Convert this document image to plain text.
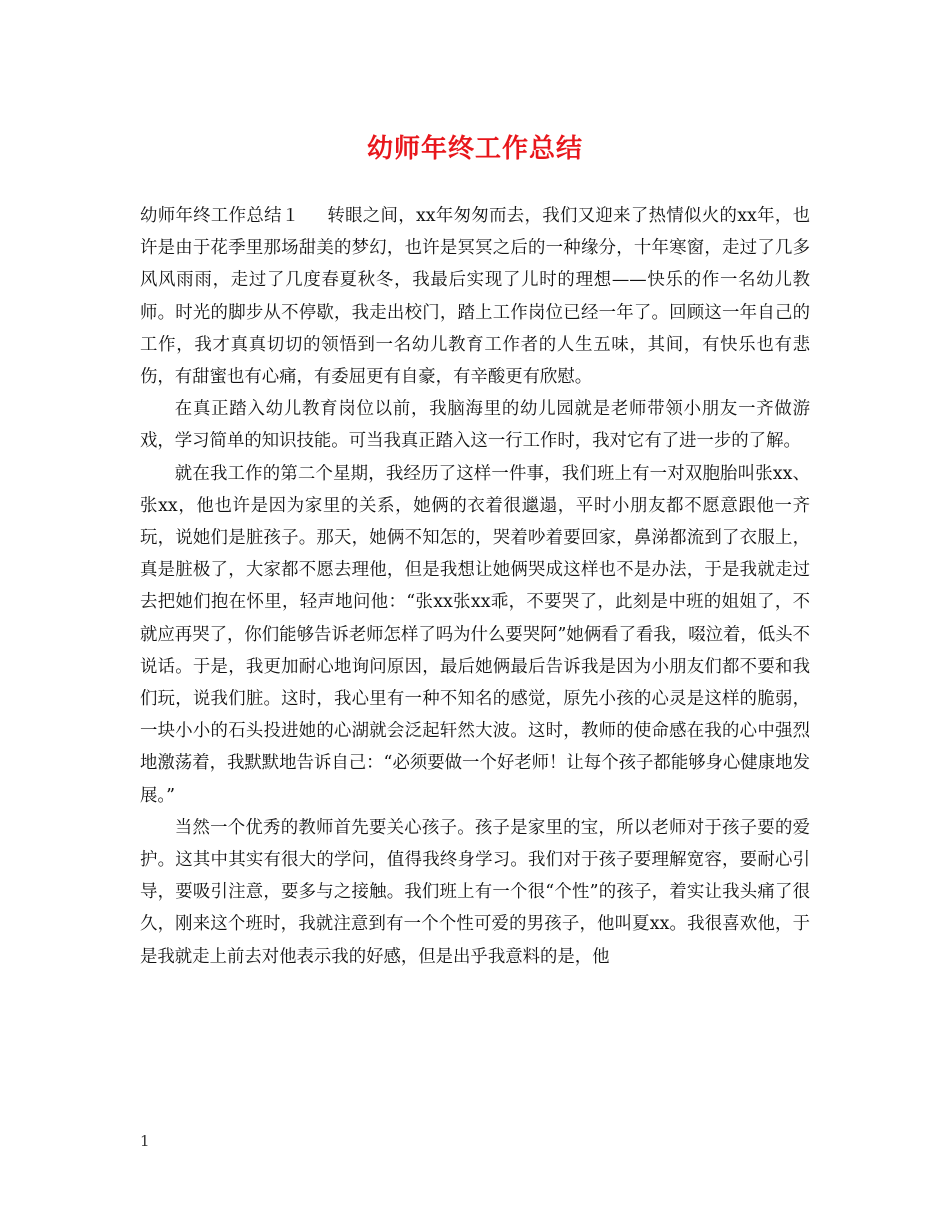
幼师年终工作总结

幼师年终工作总结１ 转眼之间，xx年匆匆而去，我们又迎来了热情似火的xx年，也许是由于花季里那场甜美的梦幻，也许是冥冥之后的一种缘分，十年寒窗，走过了几多风风雨雨，走过了几度春夏秋冬，我最后实现了儿时的理想——快乐的作一名幼儿教师。时光的脚步从不停歇，我走出校门，踏上工作岗位已经一年了。回顾这一年自己的工作，我才真真切切的领悟到一名幼儿教育工作者的人生五味，其间，有快乐也有悲伤，有甜蜜也有心痛，有委屈更有自豪，有辛酸更有欣慰。

在真正踏入幼儿教育岗位以前，我脑海里的幼儿园就是老师带领小朋友一齐做游戏，学习简单的知识技能。可当我真正踏入这一行工作时，我对它有了进一步的了解。

就在我工作的第二个星期，我经历了这样一件事，我们班上有一对双胞胎叫张xx、张xx，他也许是因为家里的关系，她俩的衣着很邋遢，平时小朋友都不愿意跟他一齐玩，说她们是脏孩子。那天，她俩不知怎的，哭着吵着要回家，鼻涕都流到了衣服上，真是脏极了，大家都不愿去理他，但是我想让她俩哭成这样也不是办法，于是我就走过去把她们抱在怀里，轻声地问他：“张xx张xx乖，不要哭了，此刻是中班的姐姐了，不就应再哭了，你们能够告诉老师怎样了吗为什么要哭阿”她俩看了看我，啜泣着，低头不说话。于是，我更加耐心地询问原因，最后她俩最后告诉我是因为小朋友们都不要和我们玩，说我们脏。这时，我心里有一种不知名的感觉，原先小孩的心灵是这样的脆弱，一块小小的石头投进她的心湖就会泛起轩然大波。这时，教师的使命感在我的心中强烈地激荡着，我默默地告诉自己：“必须要做一个好老师！让每个孩子都能够身心健康地发展。”

当然一个优秀的教师首先要关心孩子。孩子是家里的宝，所以老师对于孩子要的爱护。这其中其实有很大的学问，值得我终身学习。我们对于孩子要理解宽容，要耐心引导，要吸引注意，要多与之接触。我们班上有一个很“个性”的孩子，着实让我头痛了很久，刚来这个班时，我就注意到有一个个性可爱的男孩子，他叫夏xx。我很喜欢他，于是我就走上前去对他表示我的好感，但是出乎我意料的是，他

1
